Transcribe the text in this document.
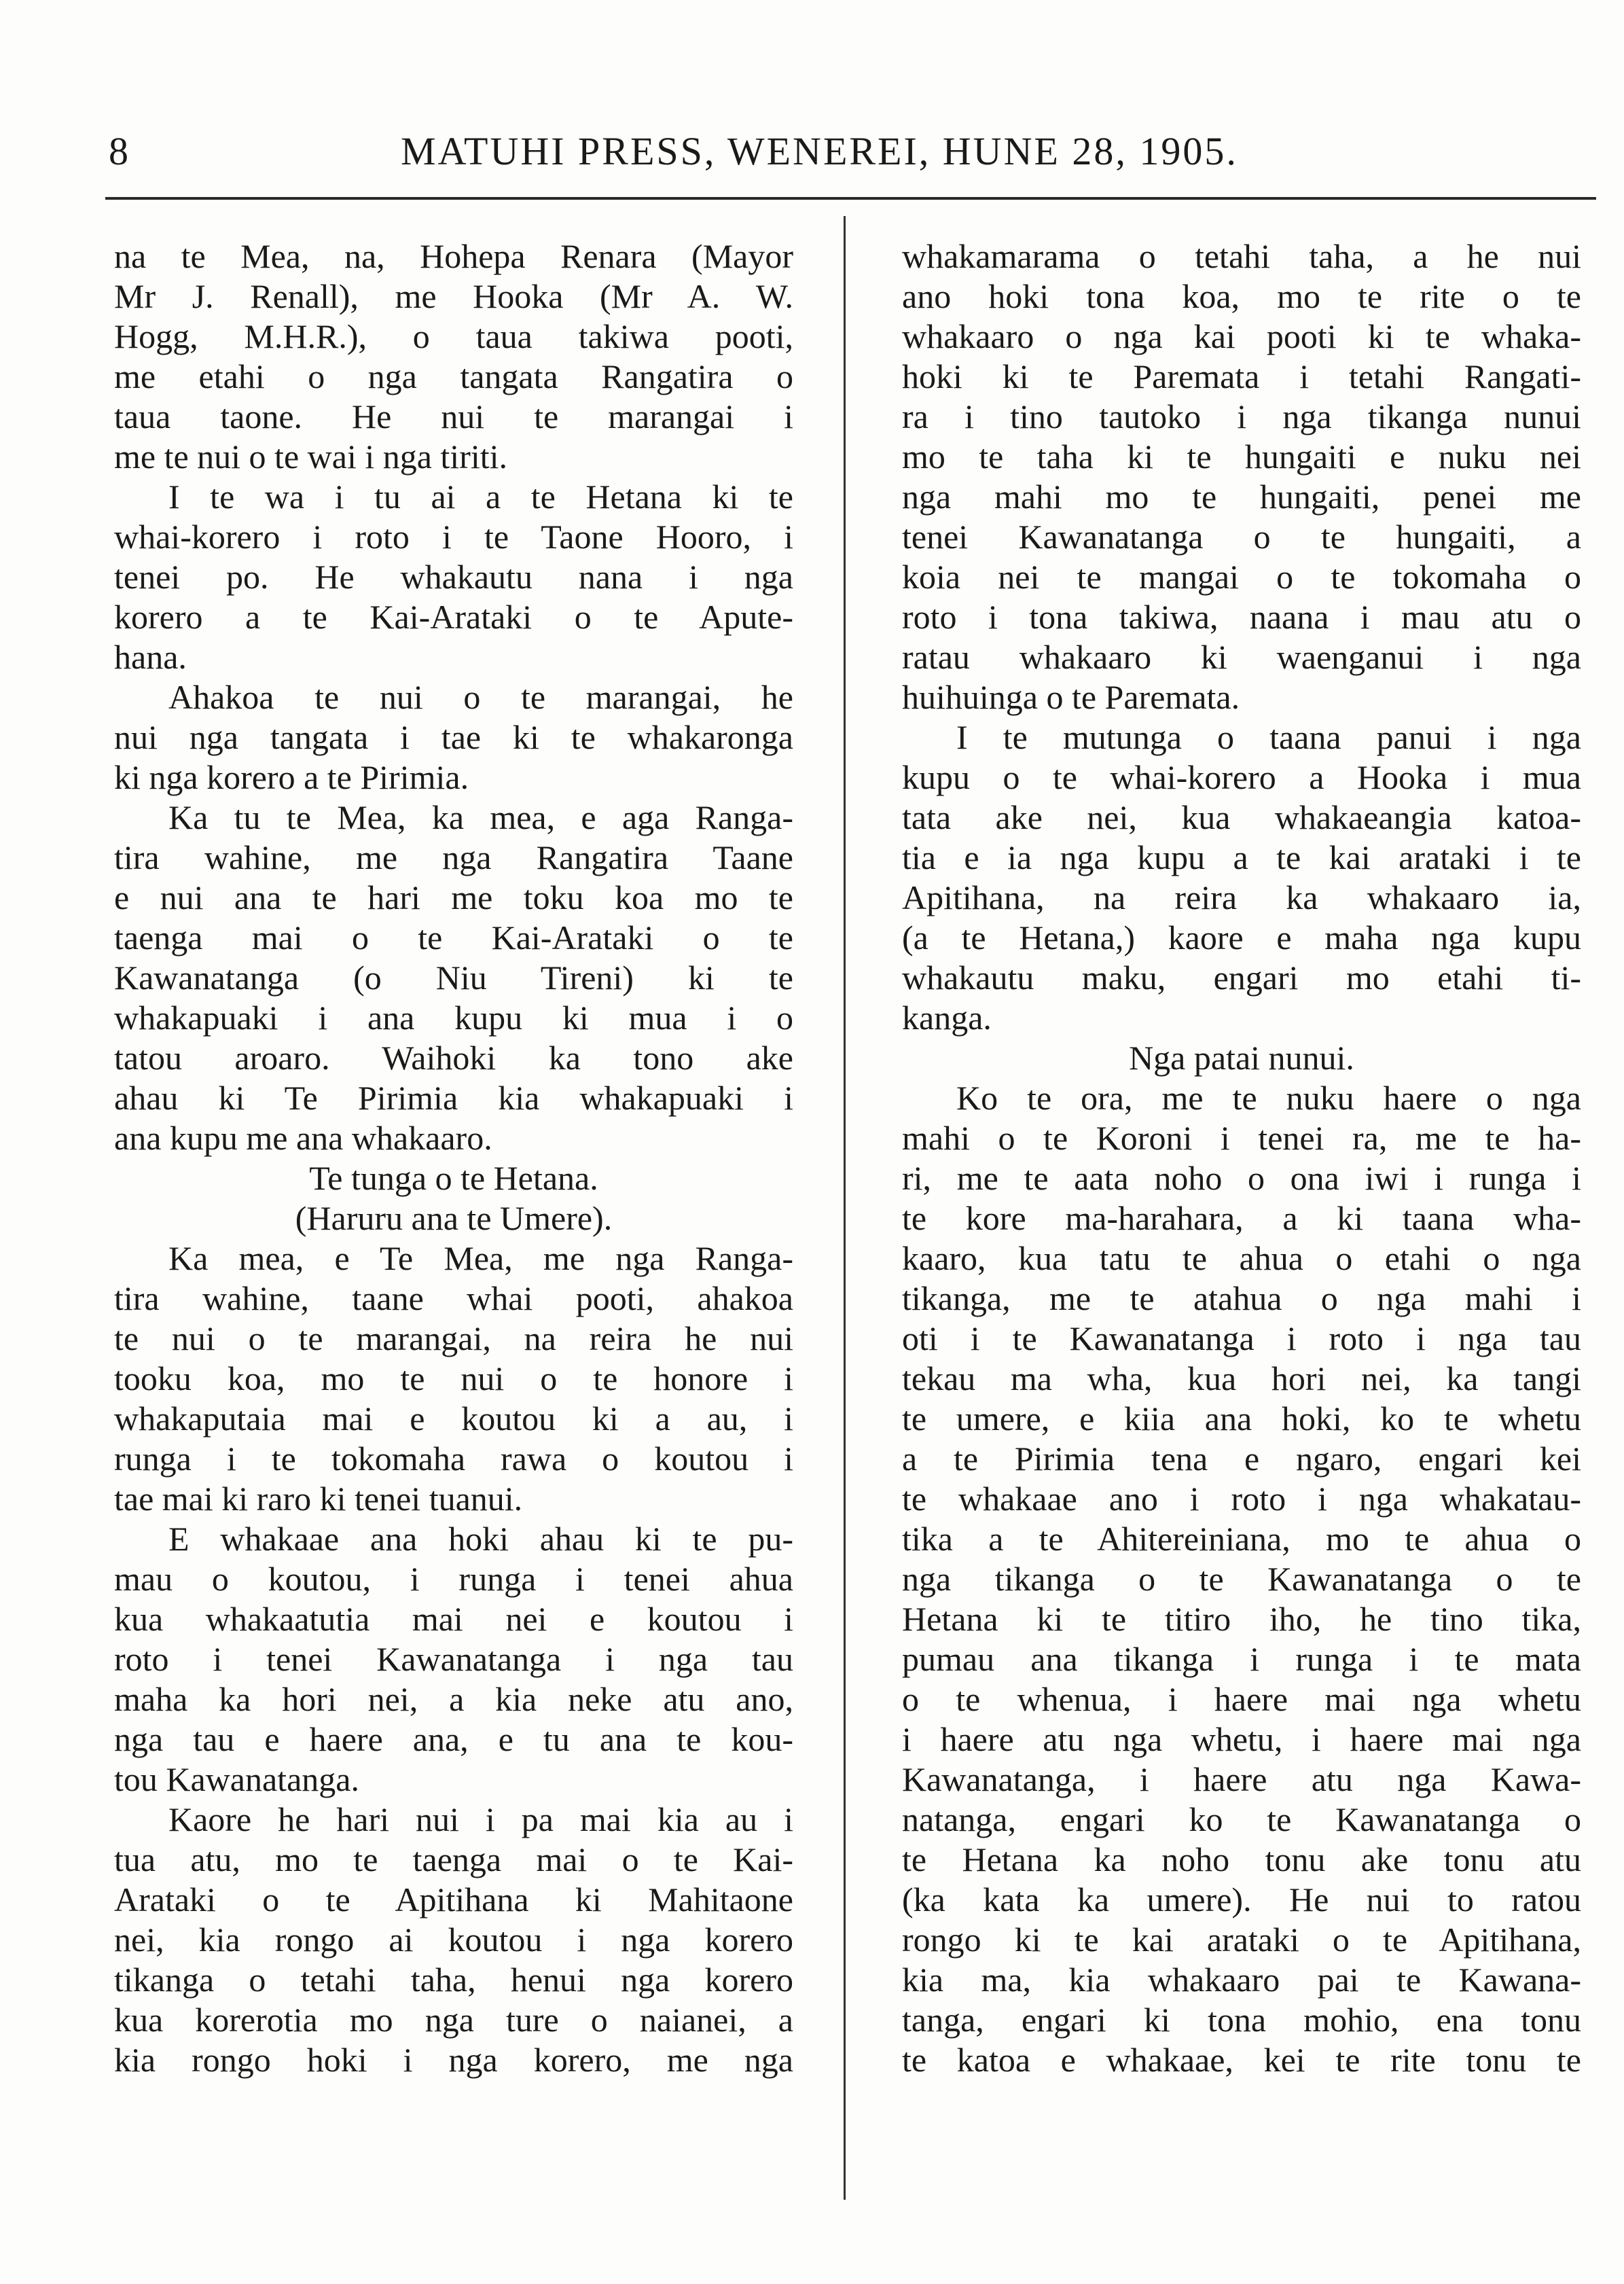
8	MATUHI PRESS, WENEREI, HUNE 28, 1905.
na te Mea, na, Hohepa Renara (Mayor
Mr J. Renall), me Hooka (Mr A. W.
Hogg, M.H.R.), o taua takiwa pooti,
me etahi o nga tangata Rangatira o
taua taone. He nui te marangai i
me te nui o te wai i nga tiriti.
I te wa i tu ai a te Hetana ki te
whai-korero i roto i te Taone Hooro, i
tenei po. He whakautu nana i nga
korero a te Kai-Arataki o te Apute-
hana.
Ahakoa te nui o te marangai, he
nui nga tangata i tae ki te whakaronga
ki nga korero a te Pirimia.
Ka tu te Mea, ka mea, e aga Ranga-
tira wahine, me nga Rangatira Taane
e nui ana te hari me toku koa mo te
taenga mai o te Kai-Arataki o te
Kawanatanga (o Niu Tireni) ki te
whakapuaki i ana kupu ki mua i o
tatou aroaro. Waihoki ka tono ake
ahau ki Te Pirimia kia whakapuaki i
ana kupu me ana whakaaro.
Te tunga o te Hetana.
(Haruru ana te Umere).
Ka mea, e Te Mea, me nga Ranga-
tira wahine, taane whai pooti, ahakoa
te nui o te marangai, na reira he nui
tooku koa, mo te nui o te honore i
whakaputaia mai e koutou ki a au, i
runga i te tokomaha rawa o koutou i
tae mai ki raro ki tenei tuanui.
E whakaae ana hoki ahau ki te pu-
mau o koutou, i runga i tenei ahua
kua whakaatutia mai nei e koutou i
roto i tenei Kawanatanga i nga tau
maha ka hori nei, a kia neke atu ano,
nga tau e haere ana, e tu ana te kou-
tou Kawanatanga.
Kaore he hari nui i pa mai kia au i
tua atu, mo te taenga mai o te Kai-
Arataki o te Apitihana ki Mahitaone
nei, kia rongo ai koutou i nga korero
tikanga o tetahi taha, henui nga korero
kua korerotia mo nga ture o naianei, a
kia rongo hoki i nga korero, me nga
whakamarama o tetahi taha, a he nui
ano hoki tona koa, mo te rite o te
whakaaro o nga kai pooti ki te whaka-
hoki ki te Paremata i tetahi Rangati-
ra i tino tautoko i nga tikanga nunui
mo te taha ki te hungaiti e nuku nei
nga mahi mo te hungaiti, penei me
tenei Kawanatanga o te hungaiti, a
koia nei te mangai o te tokomaha o
roto i tona takiwa, naana i mau atu o
ratau whakaaro ki waenganui i nga
huihuinga o te Paremata.
I te mutunga o taana panui i nga
kupu o te whai-korero a Hooka i mua
tata ake nei, kua whakaeangia katoa-
tia e ia nga kupu a te kai arataki i te
Apitihana, na reira ka whakaaro ia,
(a te Hetana,) kaore e maha nga kupu
whakautu maku, engari mo etahi ti-
kanga.
Nga patai nunui.
Ko te ora, me te nuku haere o nga
mahi o te Koroni i tenei ra, me te ha-
ri, me te aata noho o ona iwi i runga i
te kore ma-harahara, a ki taana wha-
kaaro, kua tatu te ahua o etahi o nga
tikanga, me te atahua o nga mahi i
oti i te Kawanatanga i roto i nga tau
tekau ma wha, kua hori nei, ka tangi
te umere, e kiia ana hoki, ko te whetu
a te Pirimia tena e ngaro, engari kei
te whakaae ano i roto i nga whakatau-
tika a te Ahitereiniana, mo te ahua o
nga tikanga o te Kawanatanga o te
Hetana ki te titiro iho, he tino tika,
pumau ana tikanga i runga i te mata
o te whenua, i haere mai nga whetu
i haere atu nga whetu, i haere mai nga
Kawanatanga, i haere atu nga Kawa-
natanga, engari ko te Kawanatanga o
te Hetana ka noho tonu ake tonu atu
(ka kata ka umere). He nui to ratou
rongo ki te kai arataki o te Apitihana,
kia ma, kia whakaaro pai te Kawana-
tanga, engari ki tona mohio, ena tonu
te katoa e whakaae, kei te rite tonu te
